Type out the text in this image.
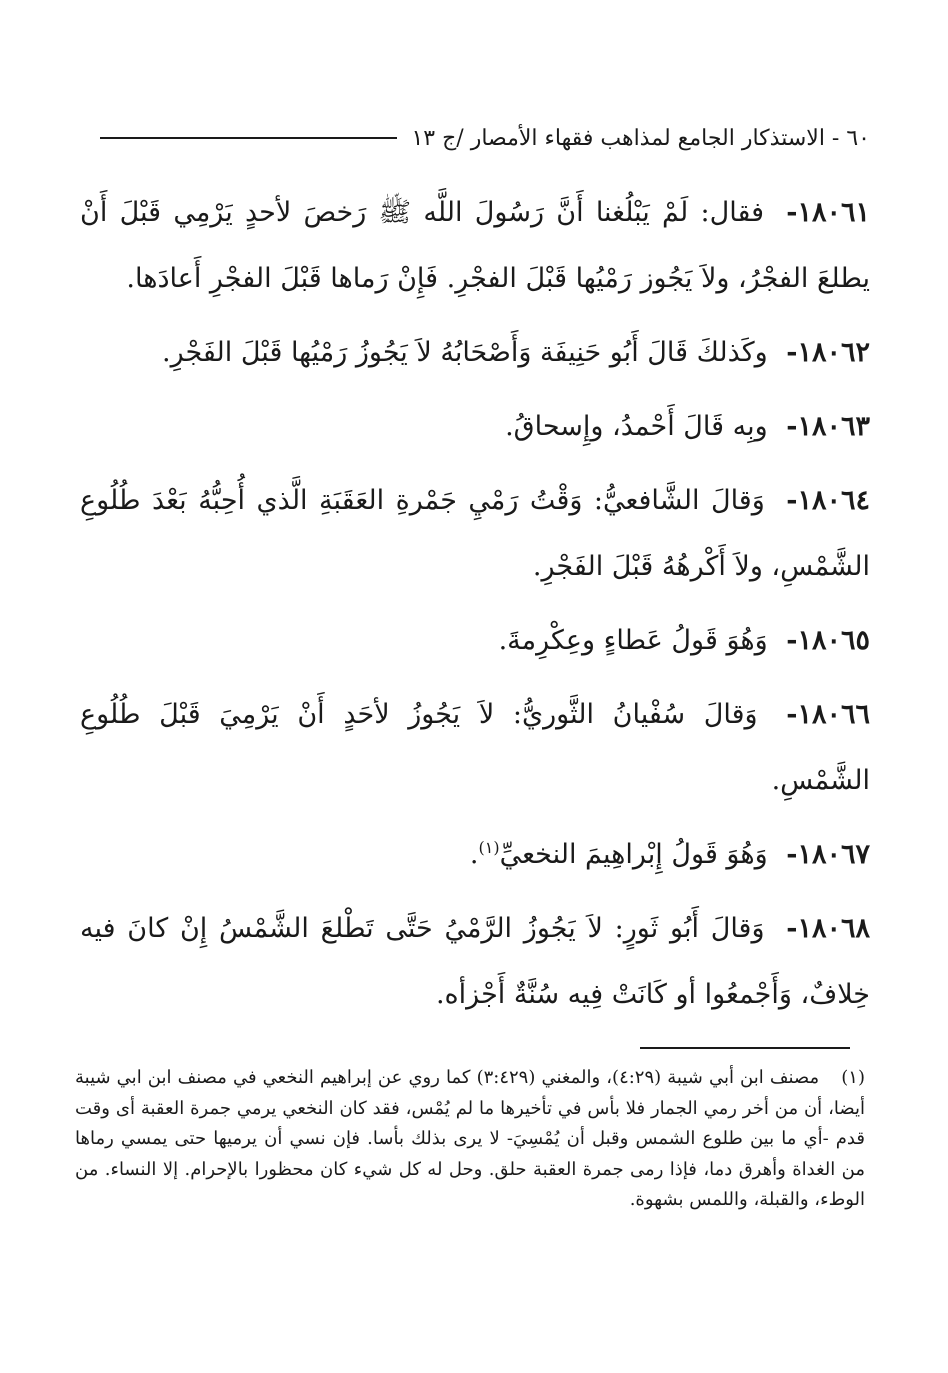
٦٠ - الاستذكار الجامع لمذاهب فقهاء الأمصار /ج ١٣

١٨٠٦١- فقال: لَمْ يَبْلُغنا أَنَّ رَسُولَ اللَّه ﷺ رَخصَ لأحدٍ يَرْمِي قَبْلَ أَنْ يطلعَ الفجْرُ، ولاَ يَجُوز رَمْيُها قَبْلَ الفجْرِ. فَإِنْ رَماها قَبْلَ الفجْرِ أَعادَها.

١٨٠٦٢- وكَذلكَ قَالَ أَبُو حَنِيفَة وَأَصْحَابُهُ لاَ يَجُوزُ رَمْيُها قَبْلَ الفَجْرِ.

١٨٠٦٣- وبِه قَالَ أَحْمدُ، وإِسحاقُ.

١٨٠٦٤- وَقالَ الشَّافعيُّ: وَقْتُ رَمْيِ جَمْرةِ العَقَبَةِ الَّذي أُحِبُّهُ بَعْدَ طُلُوعِ الشَّمْسِ، ولاَ أَكْرهُهُ قَبْلَ الفَجْرِ.

١٨٠٦٥- وَهُوَ قَولُ عَطاءٍ وعِكْرِمةَ.

١٨٠٦٦- وَقالَ سُفْيانُ الثَّوريُّ: لاَ يَجُوزُ لأحَدٍ أَنْ يَرْمِيَ قَبْلَ طُلُوعِ الشَّمْسِ.

١٨٠٦٧- وَهُوَ قَولُ إِبْراهِيمَ النخعيِّ$^{(١)}$.

١٨٠٦٨- وَقالَ أَبُو ثَورٍ: لاَ يَجُوزُ الرَّمْيُ حَتَّى تَطْلعَ الشَّمْسُ إِنْ كانَ فيه خِلافٌ، وَأَجْمعُوا أو كَانَتْ فِيه سُنَّةٌ أَجْزأه.

(١) مصنف ابن أبي شيبة (٤:٢٩)، والمغني (٣:٤٢٩) كما روي عن إبراهيم النخعي في مصنف ابن ابي شيبة أيضا، أن من أخر رمي الجمار فلا بأس في تأخيرها ما لم يُمْس، فقد كان النخعي يرمي جمرة العقبة أى وقت قدم -أي ما بين طلوع الشمس وقبل أن يُمْسِيَ- لا يرى بذلك بأسا. فإن نسي أن يرميها حتى يمسي رماها من الغداة وأهرق دما، فإذا رمى جمرة العقبة حلق. وحل له كل شيء كان محظورا بالإحرام. إلا النساء. من الوطء، والقبلة، واللمس بشهوة.
